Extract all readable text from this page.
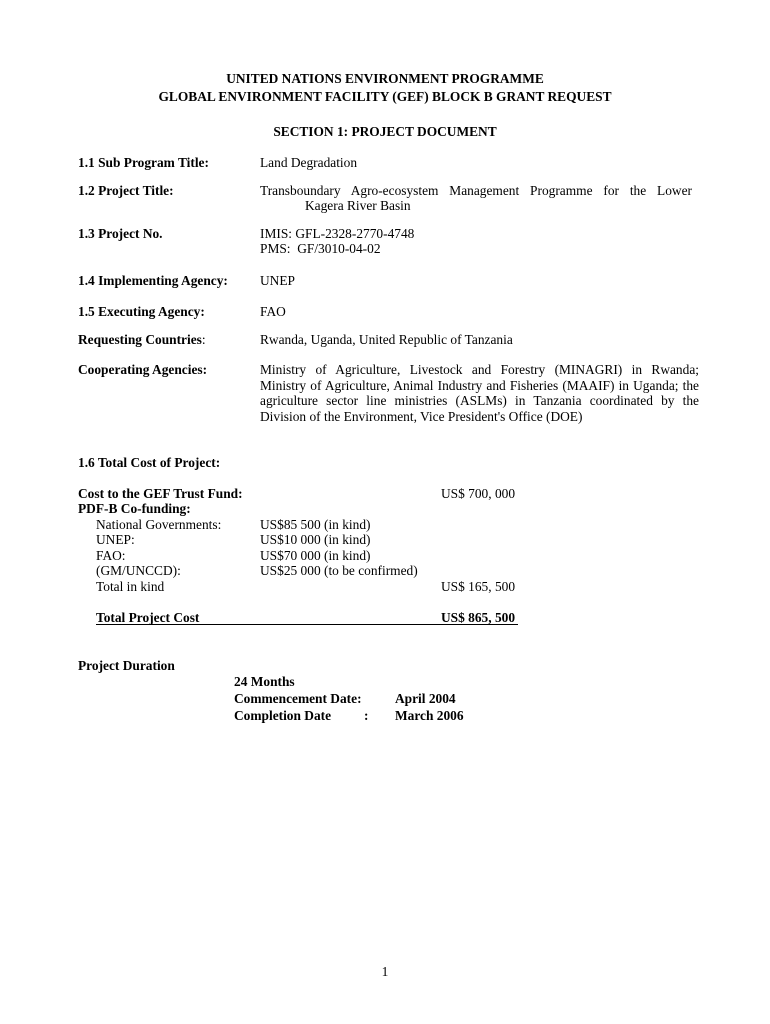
UNITED NATIONS ENVIRONMENT PROGRAMME
GLOBAL ENVIRONMENT FACILITY (GEF) BLOCK B GRANT REQUEST
SECTION 1: PROJECT DOCUMENT
1.1 Sub Program Title:	Land Degradation
1.2 Project Title:	Transboundary Agro-ecosystem Management Programme for the Lower
Kagera River Basin
1.3 Project No.	IMIS: GFL-2328-2770-4748
PMS:  GF/3010-04-02
1.4 Implementing Agency: UNEP
1.5 Executing Agency:	FAO
Requesting Countries:	Rwanda, Uganda, United Republic of Tanzania
Cooperating Agencies:	Ministry of Agriculture, Livestock and Forestry (MINAGRI) in Rwanda; Ministry of Agriculture, Animal Industry and Fisheries (MAAIF) in Uganda; the agriculture sector line ministries (ASLMs) in Tanzania coordinated by the Division of the Environment, Vice President's Office (DOE)
1.6 Total Cost of Project:
Cost to the GEF Trust Fund:	US$ 700, 000
PDF-B Co-funding:
National Governments:	US$85 500 (in kind)
UNEP:	US$10 000 (in kind)
FAO:	US$70 000 (in kind)
(GM/UNCCD):	US$25 000 (to be confirmed)
Total in kind	US$ 165, 500
Total Project Cost	US$ 865, 500
Project Duration
24 Months
Commencement Date: April 2004
Completion Date : March 2006
1
